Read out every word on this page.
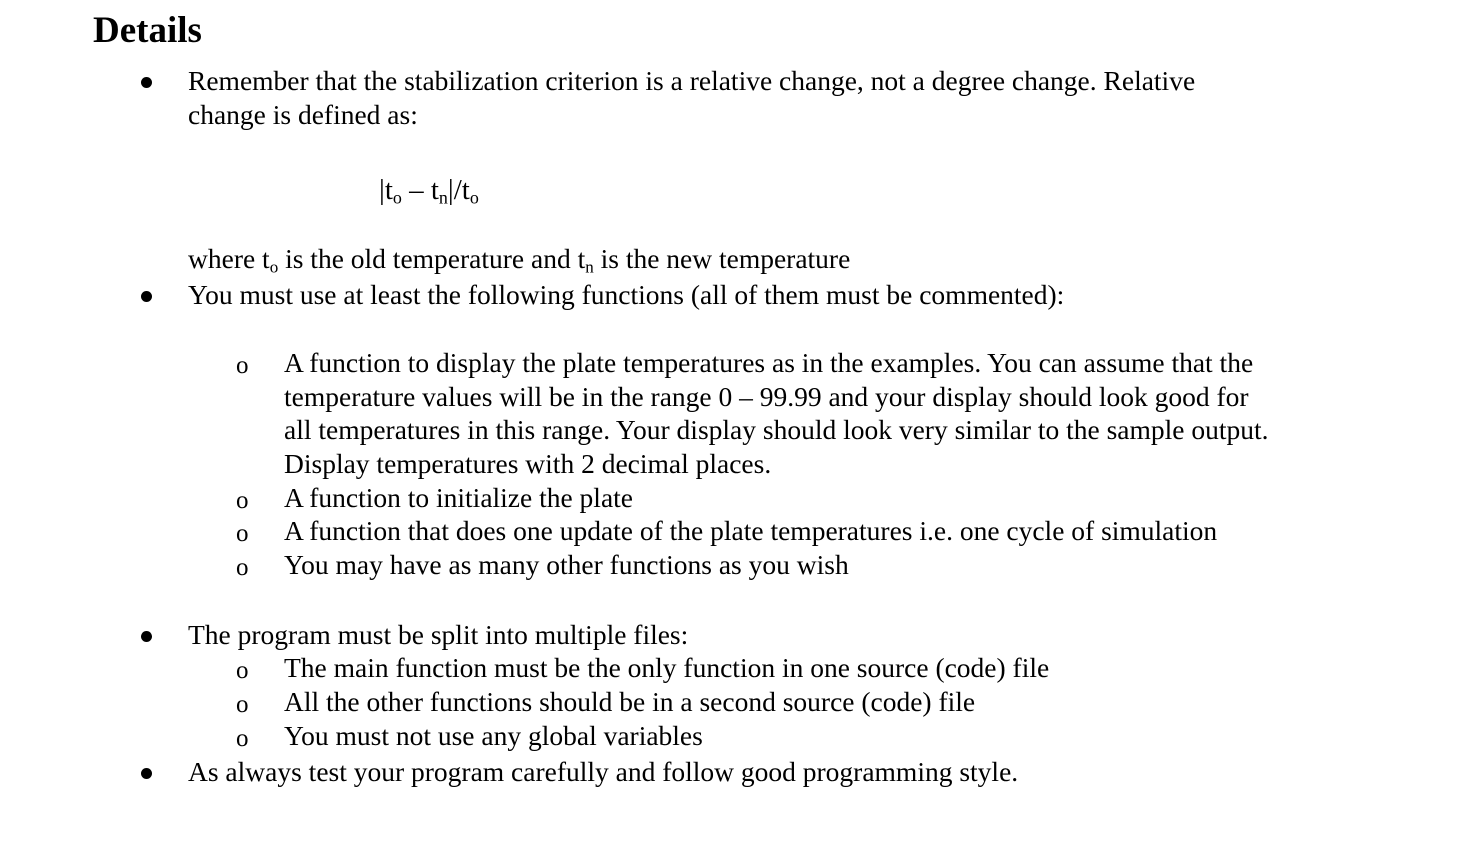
Details
Remember that the stabilization criterion is a relative change, not a degree change. Relative
change is defined as:
$|t_o - t_n|/t_o$
where $t_o$ is the old temperature and $t_n$ is the new temperature
You must use at least the following functions (all of them must be commented):
o A function to display the plate temperatures as in the examples. You can assume that the
temperature values will be in the range 0 – 99.99 and your display should look good for
all temperatures in this range. Your display should look very similar to the sample output.
Display temperatures with 2 decimal places.
o A function to initialize the plate
o A function that does one update of the plate temperatures i.e. one cycle of simulation
o You may have as many other functions as you wish
The program must be split into multiple files:
o The main function must be the only function in one source (code) file
o All the other functions should be in a second source (code) file
o You must not use any global variables
As always test your program carefully and follow good programming style.
